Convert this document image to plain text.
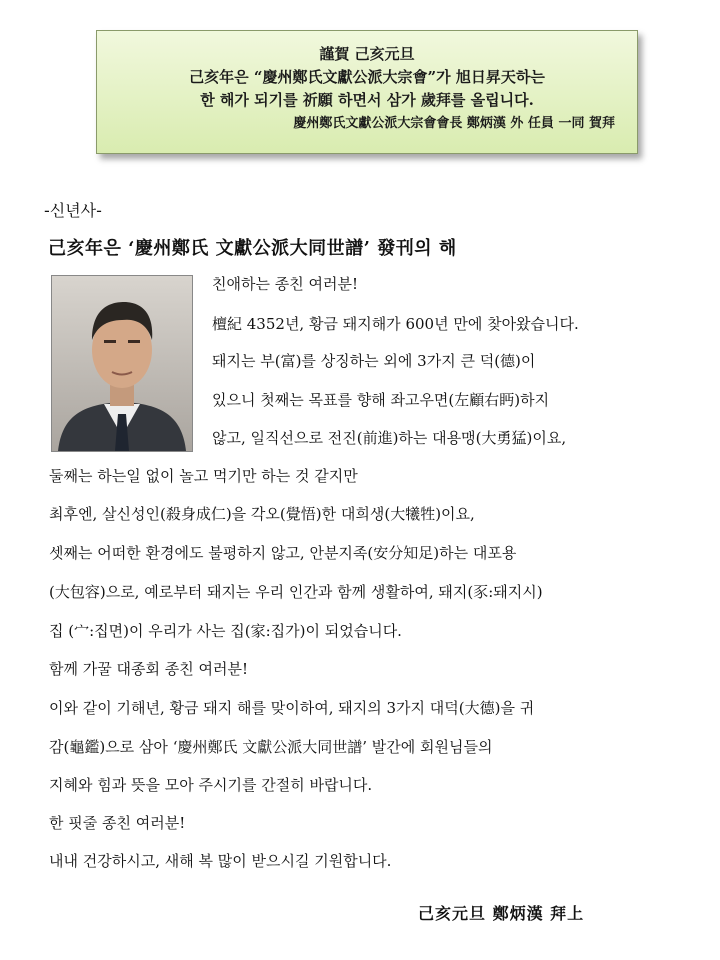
謹賀 己亥元旦
己亥年은 “慶州鄭氏文獻公派大宗會”가 旭日昇天하는
한 해가 되기를 祈願 하면서 삼가 歲拜를 올립니다.
慶州鄭氏文獻公派大宗會會長 鄭炳漢 外 任員 一同 賀拜
-신년사-
己亥年은 ‘慶州鄭氏 文獻公派大同世譜’ 發刊의 해
친애하는 종친 여러분!
檀紀 4352년, 황금 돼지해가 600년 만에 찾아왔습니다.
돼지는 부(富)를 상징하는 외에 3가지 큰 덕(德)이
있으니 첫째는 목표를 향해 좌고우면(左顧右眄)하지
않고, 일직선으로 전진(前進)하는 대용맹(大勇猛)이요,
둘째는 하는일 없이 놀고 먹기만 하는 것 같지만
최후엔, 살신성인(殺身成仁)을 각오(覺悟)한 대희생(大犧牲)이요,
셋째는 어떠한 환경에도 불평하지 않고, 안분지족(安分知足)하는 대포용
(大包容)으로, 예로부터 돼지는 우리 인간과 함께 생활하여, 돼지(豕:돼지시)
집 (宀:집면)이 우리가 사는 집(家:집가)이 되었습니다.
함께 가꿀 대종회 종친 여러분!
이와 같이 기해년, 황금 돼지 해를 맞이하여, 돼지의 3가지 대덕(大德)을 귀
감(龜鑑)으로 삼아 ‘慶州鄭氏 文獻公派大同世譜’ 발간에 회원님들의
지혜와 힘과 뜻을 모아 주시기를 간절히 바랍니다.
한 핏줄 종친 여러분!
내내 건강하시고, 새해 복 많이 받으시길 기원합니다.
己亥元旦 鄭炳漢 拜上
